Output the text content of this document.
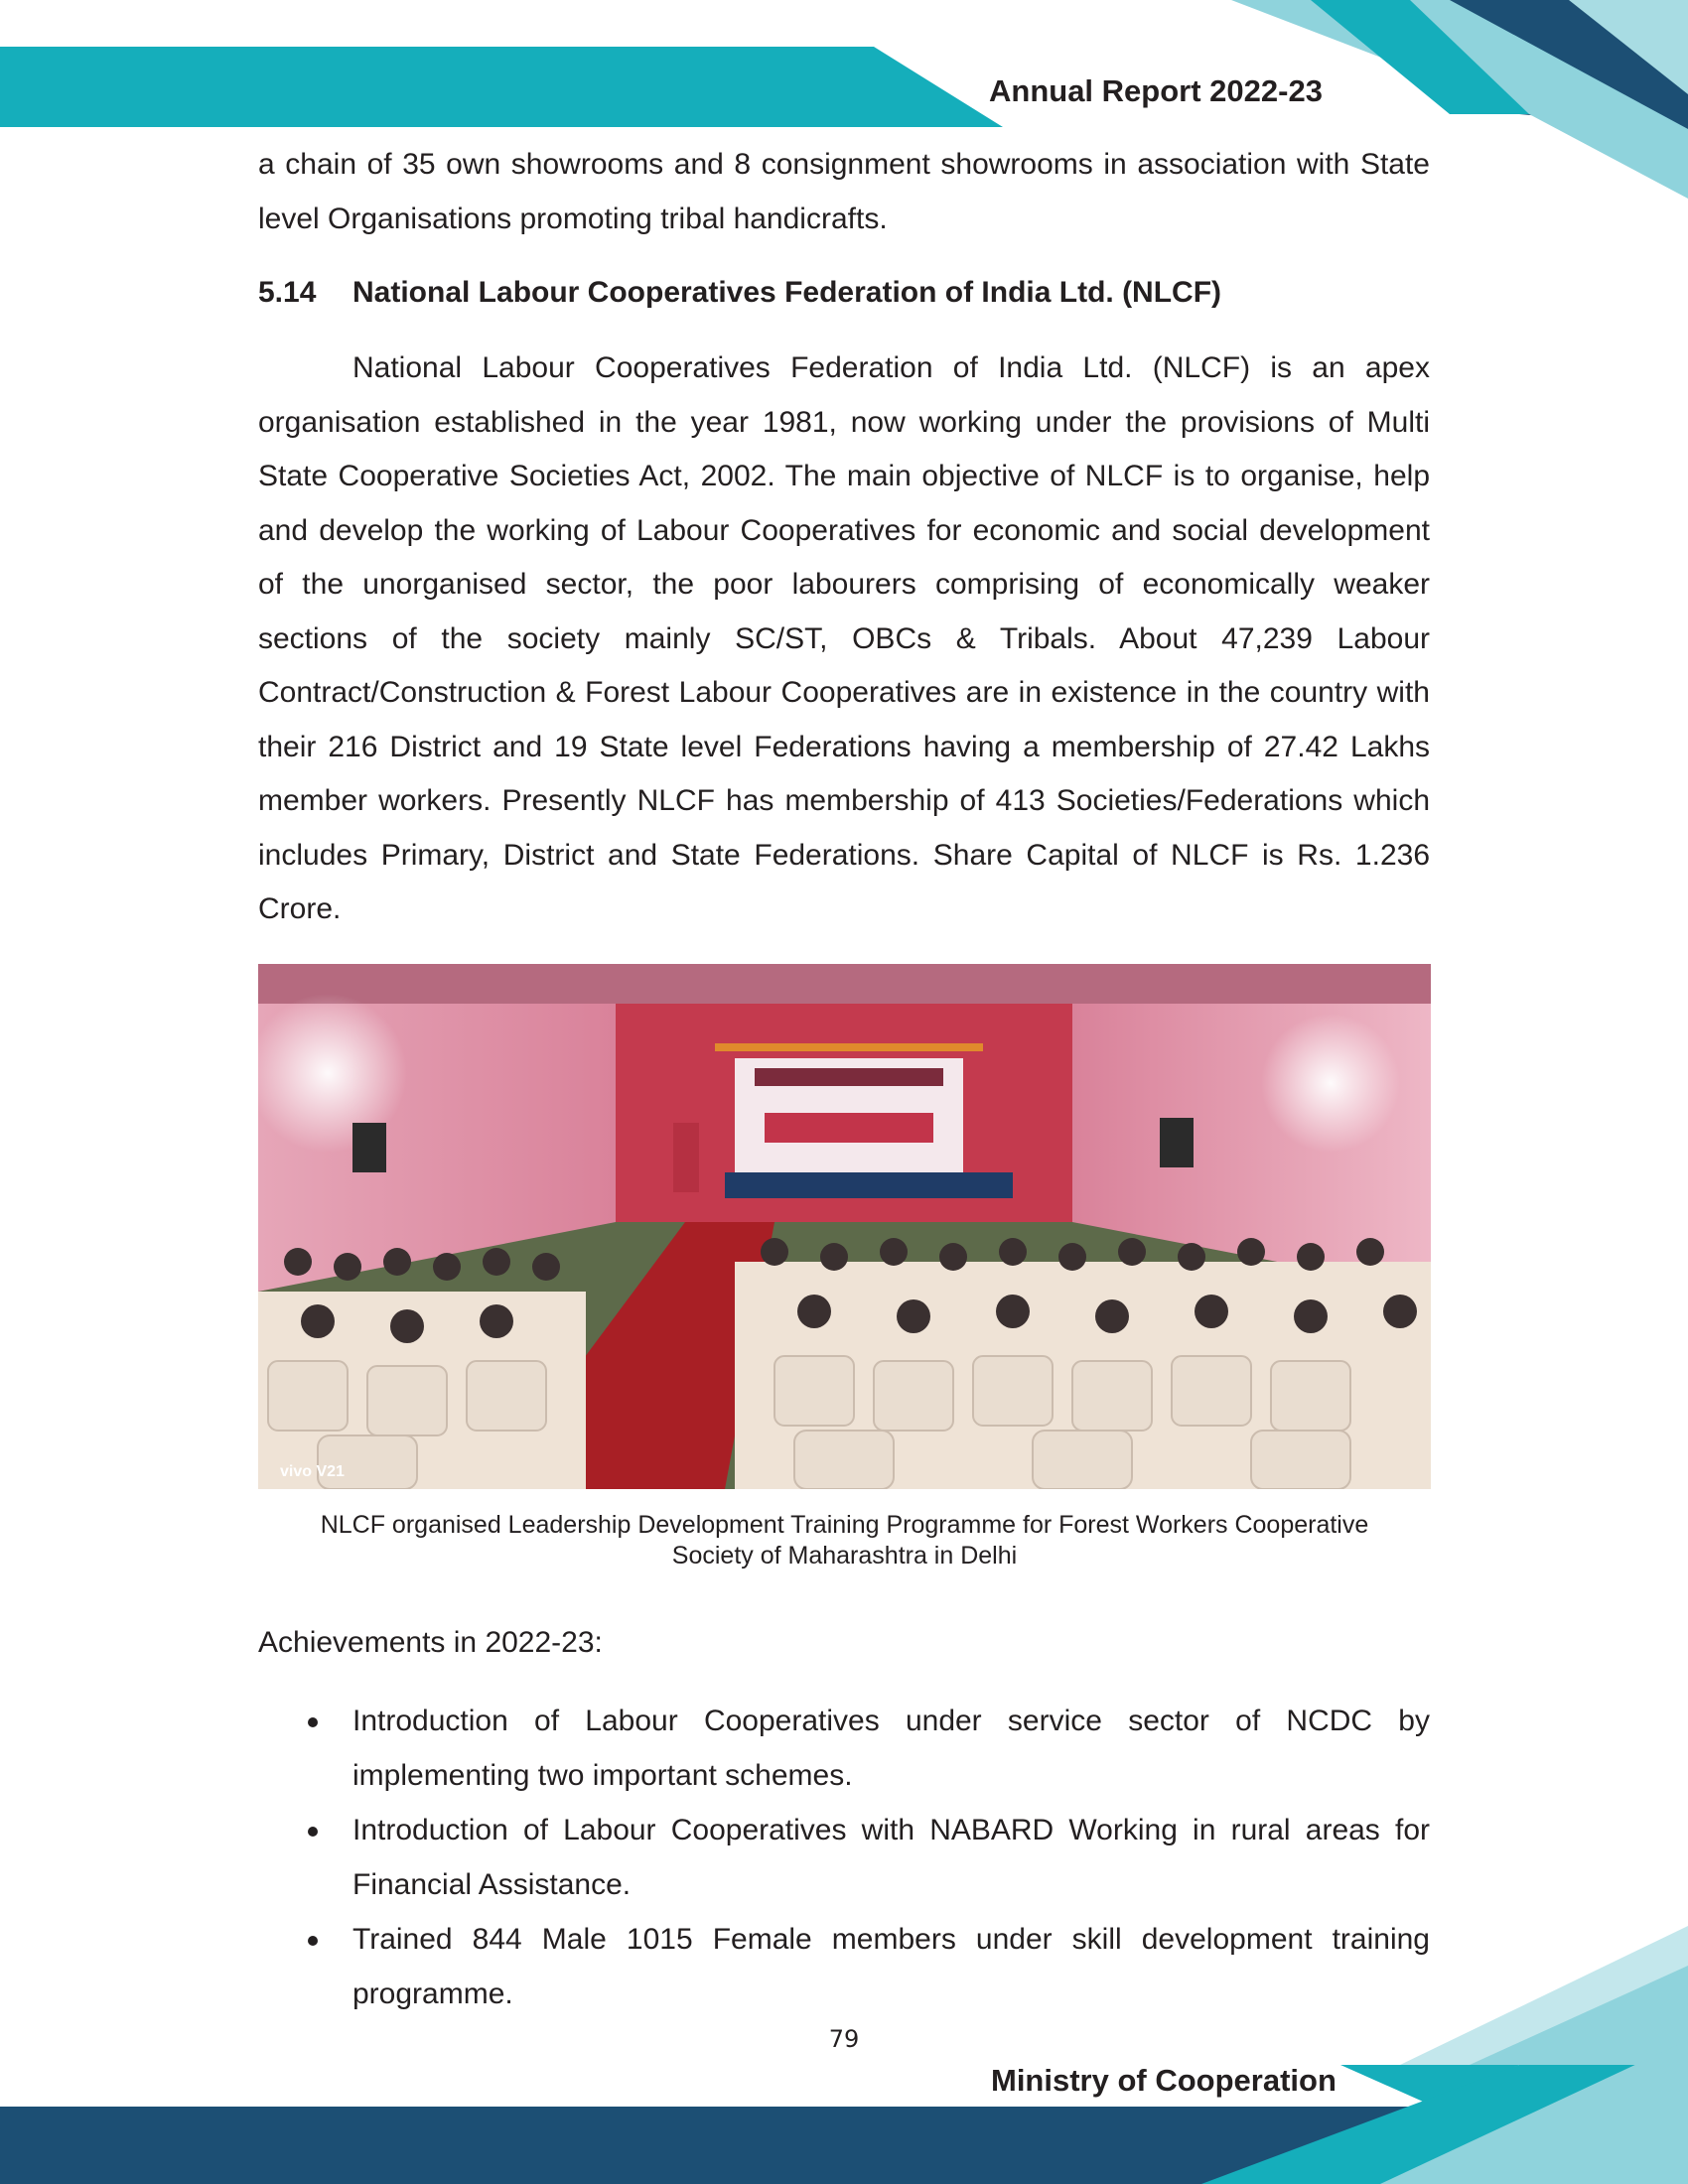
Annual Report 2022-23

a chain of 35 own showrooms and 8 consignment showrooms in association with State level Organisations promoting tribal handicrafts.

5.14 National Labour Cooperatives Federation of India Ltd. (NLCF)

National Labour Cooperatives Federation of India Ltd. (NLCF) is an apex organisation established in the year 1981, now working under the provisions of Multi State Cooperative Societies Act, 2002. The main objective of NLCF is to organise, help and develop the working of Labour Cooperatives for economic and social development of the unorganised sector, the poor labourers comprising of economically weaker sections of the society mainly SC/ST, OBCs & Tribals. About 47,239 Labour Contract/Construction & Forest Labour Cooperatives are in existence in the country with their 216 District and 19 State level Federations having a membership of 27.42 Lakhs member workers. Presently NLCF has membership of 413 Societies/Federations which includes Primary, District and State Federations. Share Capital of NLCF is Rs. 1.236 Crore.

vivo V21
NLCF organised Leadership Development Training Programme for Forest Workers Cooperative
Society of Maharashtra in Delhi
Achievements in 2022-23:
Introduction of Labour Cooperatives under service sector of NCDC by implementing two important schemes.
Introduction of Labour Cooperatives with NABARD Working in rural areas for Financial Assistance.
Trained 844 Male 1015 Female members under skill development training programme.
79
Ministry of Cooperation
